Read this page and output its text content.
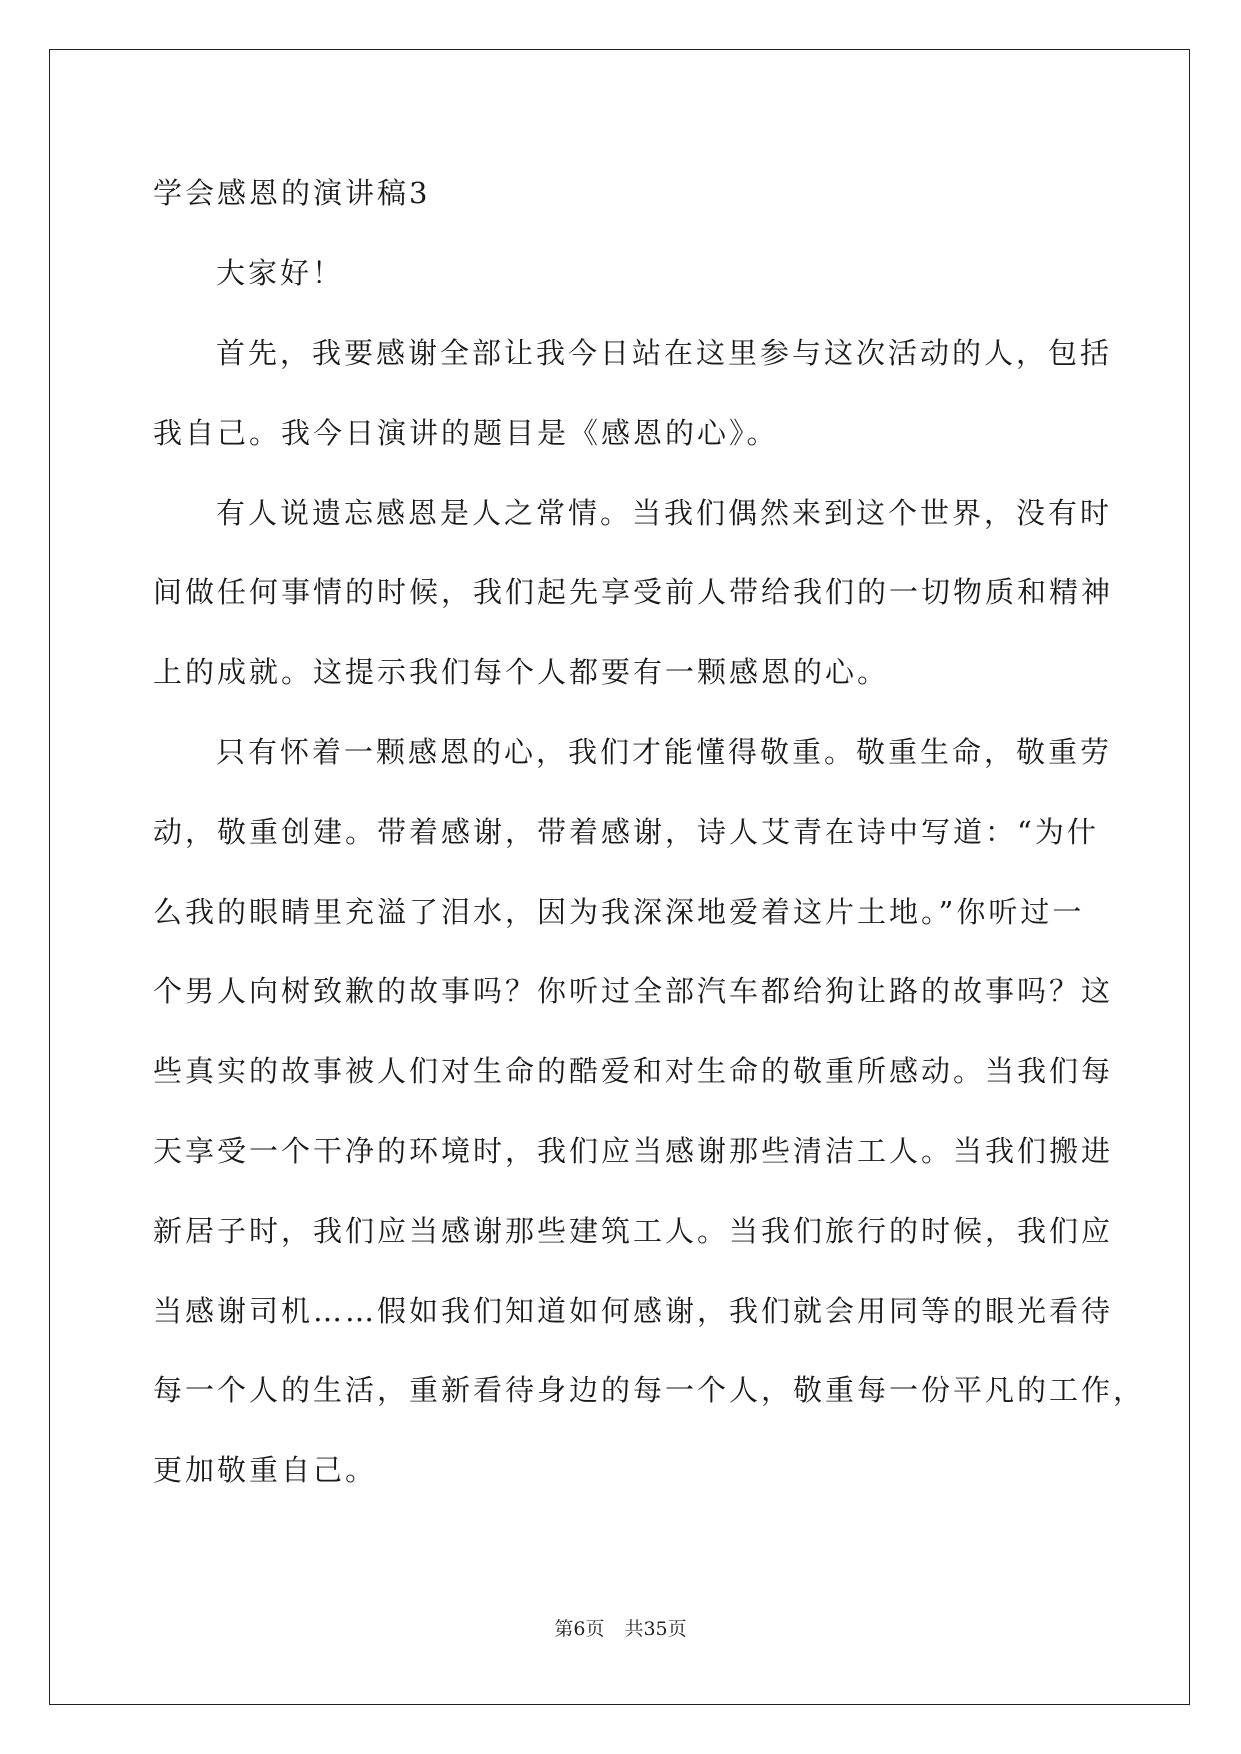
学会感恩的演讲稿3
大家好！
首先，我要感谢全部让我今日站在这里参与这次活动的人，包括
我自己。我今日演讲的题目是《感恩的心》。
有人说遗忘感恩是人之常情。当我们偶然来到这个世界，没有时
间做任何事情的时候，我们起先享受前人带给我们的一切物质和精神
上的成就。这提示我们每个人都要有一颗感恩的心。
只有怀着一颗感恩的心，我们才能懂得敬重。敬重生命，敬重劳
动，敬重创建。带着感谢，带着感谢，诗人艾青在诗中写道：“为什
么我的眼睛里充溢了泪水，因为我深深地爱着这片土地。”你听过一
个男人向树致歉的故事吗？你听过全部汽车都给狗让路的故事吗？这
些真实的故事被人们对生命的酷爱和对生命的敬重所感动。当我们每
天享受一个干净的环境时，我们应当感谢那些清洁工人。当我们搬进
新居子时，我们应当感谢那些建筑工人。当我们旅行的时候，我们应
当感谢司机……假如我们知道如何感谢，我们就会用同等的眼光看待
每一个人的生活，重新看待身边的每一个人，敬重每一份平凡的工作，
更加敬重自己。
第6页 共35页
